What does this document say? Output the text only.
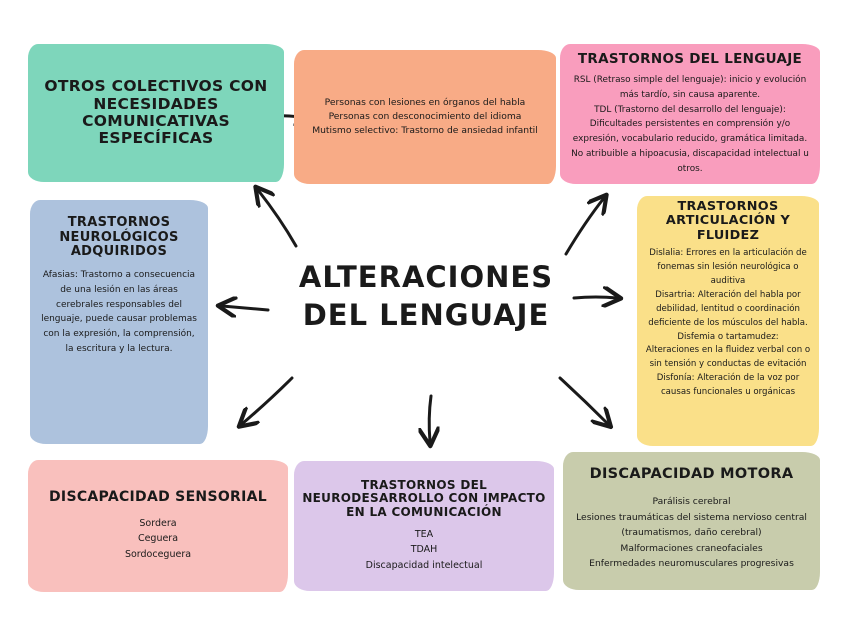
ALTERACIONES
DEL LENGUAJE
OTROS COLECTIVOS CON NECESIDADES COMUNICATIVAS ESPECÍFICAS
Personas con lesiones en órganos del habla
Personas con desconocimiento del idioma
Mutismo selectivo: Trastorno de ansiedad infantil
TRASTORNOS DEL LENGUAJE
RSL (Retraso simple del lenguaje): inicio y evolución más tardío, sin causa aparente.
TDL (Trastorno del desarrollo del lenguaje): Dificultades persistentes en comprensión y/o expresión, vocabulario reducido, gramática limitada. No atribuible a hipoacusia, discapacidad intelectual u otros.
TRASTORNOS NEUROLÓGICOS ADQUIRIDOS
Afasias: Trastorno a consecuencia de una lesión en las áreas cerebrales responsables del lenguaje, puede causar problemas con la expresión, la comprensión, la escritura y la lectura.
TRASTORNOS ARTICULACIÓN Y FLUIDEZ
Dislalia: Errores en la articulación de fonemas sin lesión neurológica o auditiva
Disartria: Alteración del habla por debilidad, lentitud o coordinación deficiente de los músculos del habla.
Disfemia o tartamudez:
Alteraciones en la fluidez verbal con o sin tensión y conductas de evitación
Disfonía: Alteración de la voz por causas funcionales u orgánicas
DISCAPACIDAD SENSORIAL
Sordera
Ceguera
Sordoceguera
TRASTORNOS DEL NEURODESARROLLO CON IMPACTO EN LA COMUNICACIÓN
TEA
TDAH
Discapacidad intelectual
DISCAPACIDAD MOTORA
Parálisis cerebral
Lesiones traumáticas del sistema nervioso central (traumatismos, daño cerebral)
Malformaciones craneofaciales
Enfermedades neuromusculares progresivas
